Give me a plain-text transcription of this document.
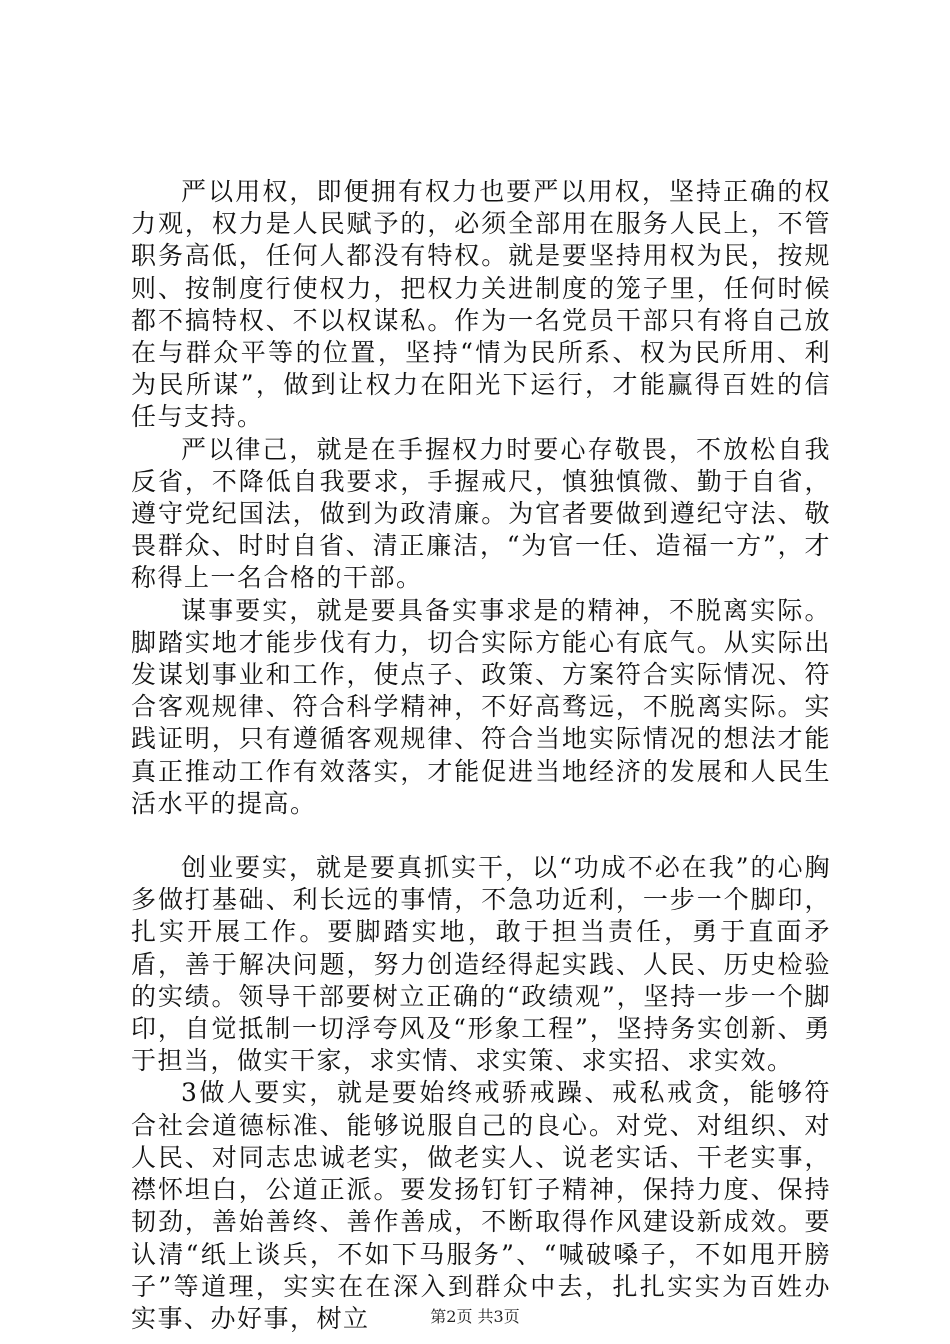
严以用权，即便拥有权力也要严以用权，坚持正确的权力观，权力是人民赋予的，必须全部用在服务人民上，不管职务高低，任何人都没有特权。就是要坚持用权为民，按规则、按制度行使权力，把权力关进制度的笼子里，任何时候都不搞特权、不以权谋私。作为一名党员干部只有将自己放在与群众平等的位置，坚持“情为民所系、权为民所用、利为民所谋”，做到让权力在阳光下运行，才能赢得百姓的信任与支持。

严以律己，就是在手握权力时要心存敬畏，不放松自我反省，不降低自我要求，手握戒尺，慎独慎微、勤于自省，遵守党纪国法，做到为政清廉。为官者要做到遵纪守法、敬畏群众、时时自省、清正廉洁，“为官一任、造福一方”，才称得上一名合格的干部。

谋事要实，就是要具备实事求是的精神，不脱离实际。脚踏实地才能步伐有力，切合实际方能心有底气。从实际出发谋划事业和工作，使点子、政策、方案符合实际情况、符合客观规律、符合科学精神，不好高骛远，不脱离实际。实践证明，只有遵循客观规律、符合当地实际情况的想法才能真正推动工作有效落实，才能促进当地经济的发展和人民生活水平的提高。

创业要实，就是要真抓实干，以“功成不必在我”的心胸多做打基础、利长远的事情，不急功近利，一步一个脚印，扎实开展工作。要脚踏实地，敢于担当责任，勇于直面矛盾，善于解决问题，努力创造经得起实践、人民、历史检验的实绩。领导干部要树立正确的“政绩观”，坚持一步一个脚印，自觉抵制一切浮夸风及“形象工程”，坚持务实创新、勇于担当，做实干家，求实情、求实策、求实招、求实效。

3做人要实，就是要始终戒骄戒躁、戒私戒贪，能够符合社会道德标准、能够说服自己的良心。对党、对组织、对人民、对同志忠诚老实，做老实人、说老实话、干老实事，襟怀坦白，公道正派。要发扬钉钉子精神，保持力度、保持韧劲，善始善终、善作善成，不断取得作风建设新成效。要认清“纸上谈兵，不如下马服务”、“喊破嗓子，不如甩开膀子”等道理，实实在在深入到群众中去，扎扎实实为百姓办实事、办好事，树立	第2页 共3页
